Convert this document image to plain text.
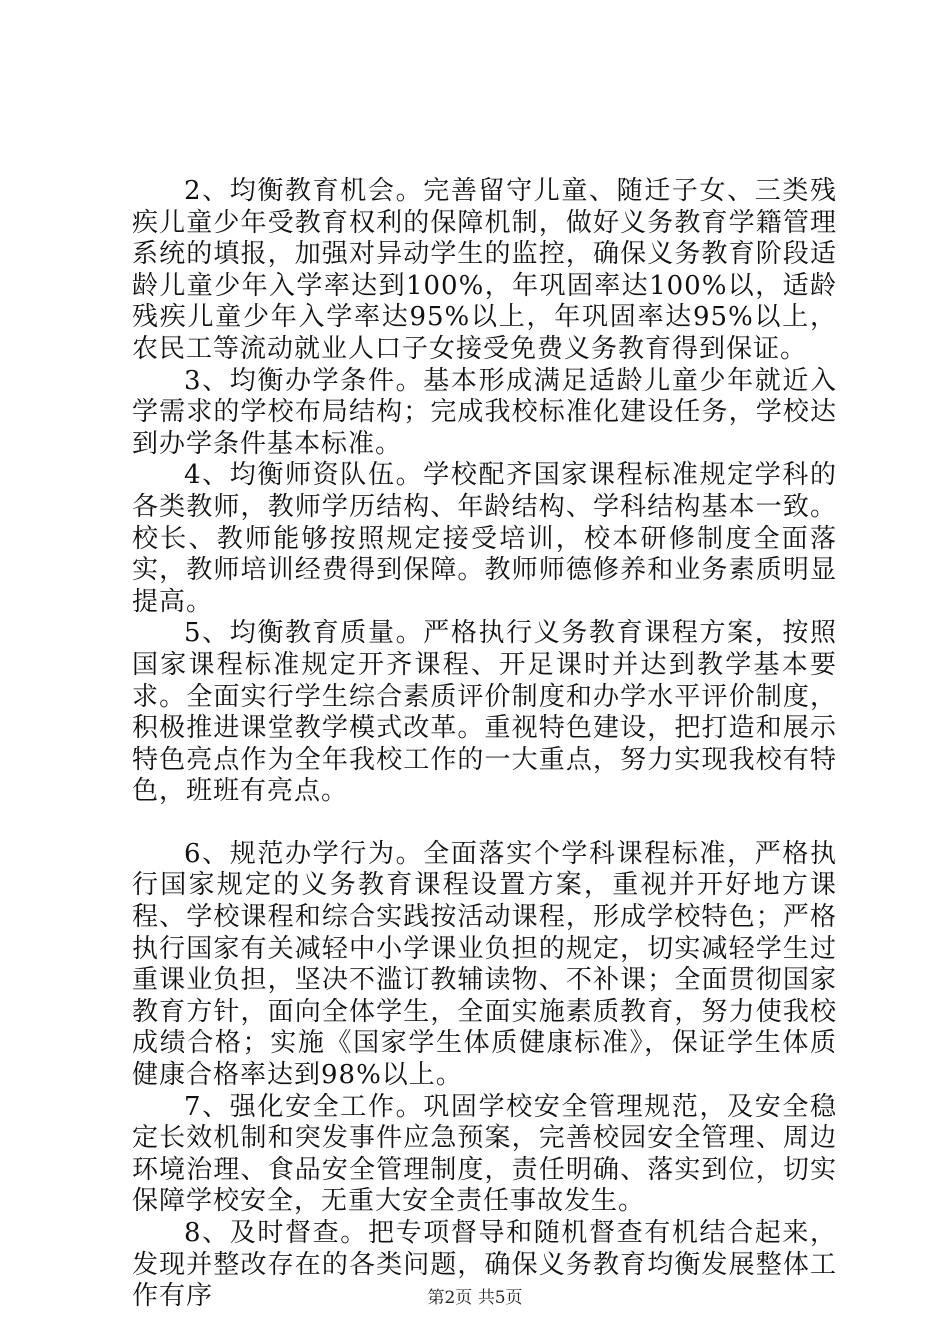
2、均衡教育机会。完善留守儿童、随迁子女、三类残疾儿童少年受教育权利的保障机制，做好义务教育学籍管理系统的填报，加强对异动学生的监控，确保义务教育阶段适龄儿童少年入学率达到100%，年巩固率达100%以，适龄残疾儿童少年入学率达95%以上，年巩固率达95%以上，农民工等流动就业人口子女接受免费义务教育得到保证。

3、均衡办学条件。基本形成满足适龄儿童少年就近入学需求的学校布局结构；完成我校标准化建设任务，学校达到办学条件基本标准。

4、均衡师资队伍。学校配齐国家课程标准规定学科的各类教师，教师学历结构、年龄结构、学科结构基本一致。校长、教师能够按照规定接受培训，校本研修制度全面落实，教师培训经费得到保障。教师师德修养和业务素质明显提高。

5、均衡教育质量。严格执行义务教育课程方案，按照国家课程标准规定开齐课程、开足课时并达到教学基本要求。全面实行学生综合素质评价制度和办学水平评价制度，积极推进课堂教学模式改革。重视特色建设，把打造和展示特色亮点作为全年我校工作的一大重点，努力实现我校有特色，班班有亮点。

6、规范办学行为。全面落实个学科课程标准，严格执行国家规定的义务教育课程设置方案，重视并开好地方课程、学校课程和综合实践按活动课程，形成学校特色；严格执行国家有关减轻中小学课业负担的规定，切实减轻学生过重课业负担，坚决不滥订教辅读物、不补课；全面贯彻国家教育方针，面向全体学生，全面实施素质教育，努力使我校成绩合格；实施《国家学生体质健康标准》，保证学生体质健康合格率达到98%以上。

7、强化安全工作。巩固学校安全管理规范，及安全稳定长效机制和突发事件应急预案，完善校园安全管理、周边环境治理、食品安全管理制度，责任明确、落实到位，切实保障学校安全，无重大安全责任事故发生。

8、及时督查。把专项督导和随机督查有机结合起来，发现并整改存在的各类问题，确保义务教育均衡发展整体工作有序	第2页 共5页
